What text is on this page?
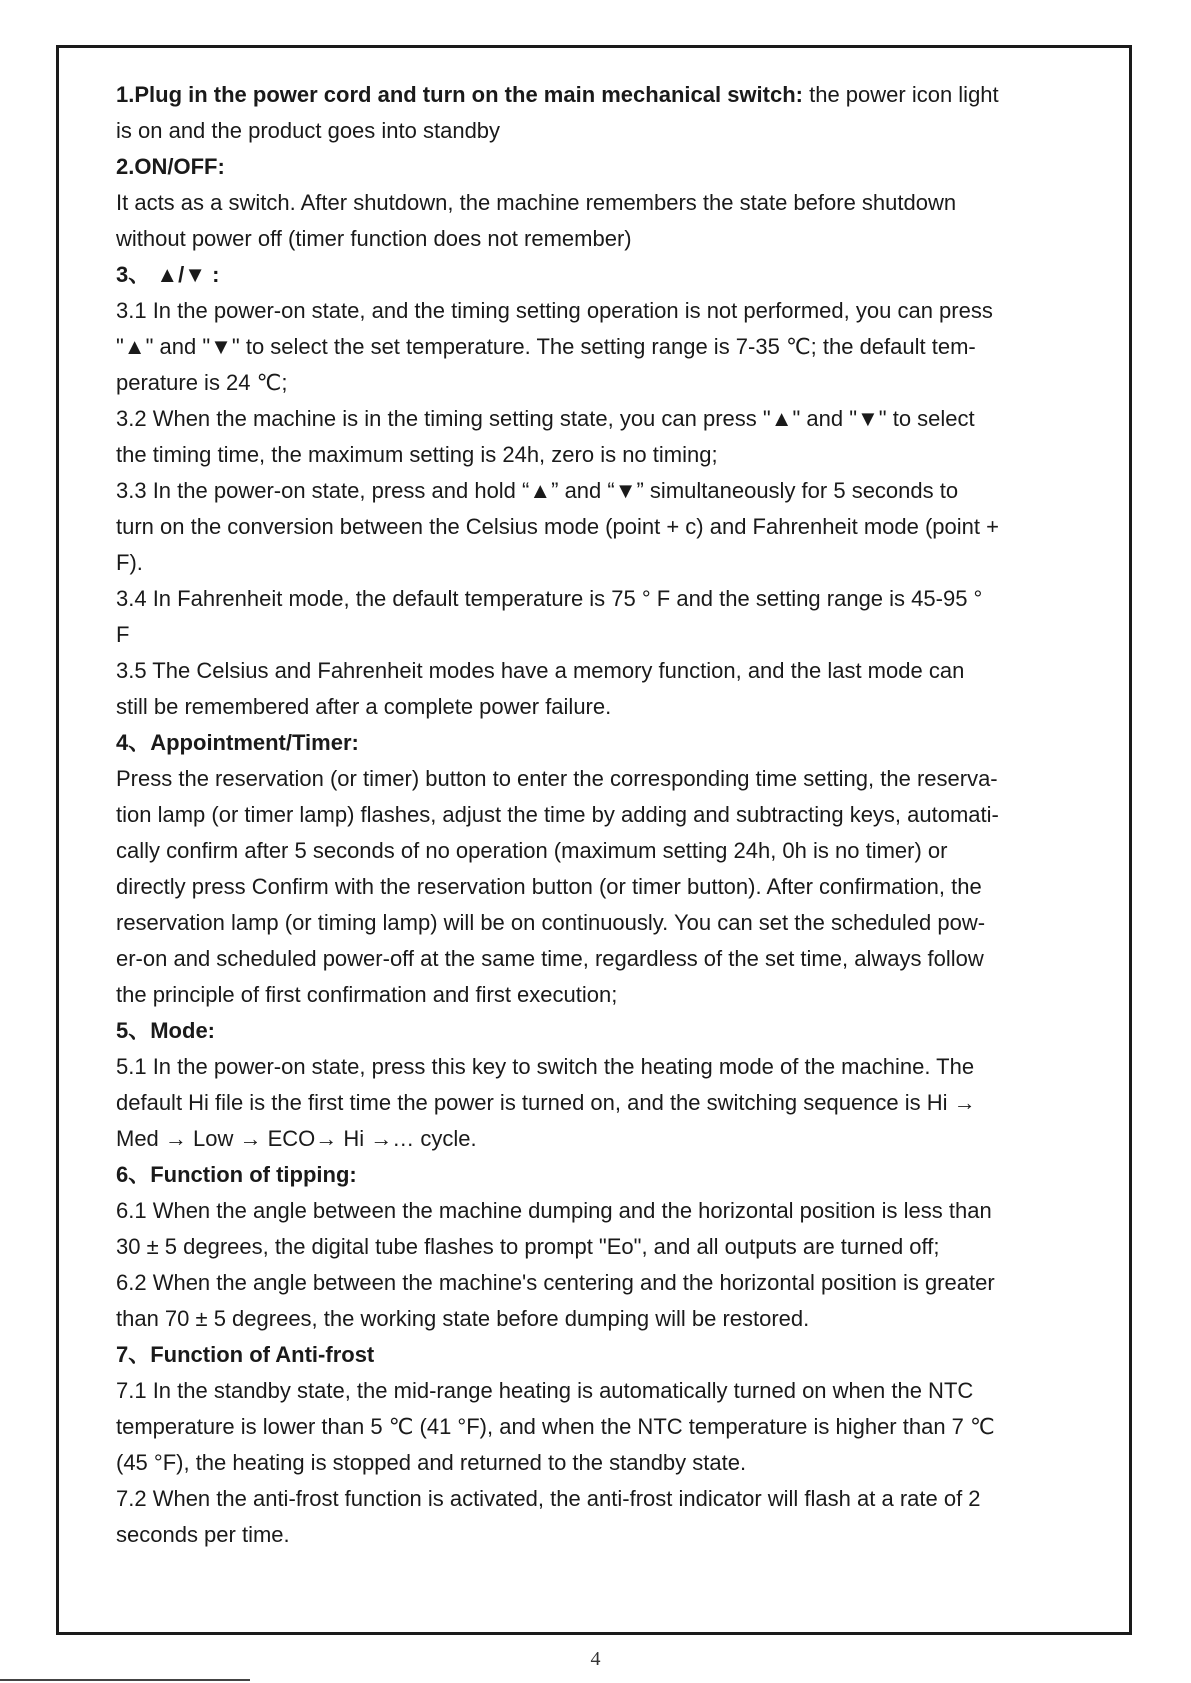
1.Plug in the power cord and turn on the main mechanical switch: the power icon light
is on and the product goes into standby
2.ON/OFF:
It acts as a switch. After shutdown, the machine remembers the state before shutdown
without power off (timer function does not remember)
3、 ▲/▼ :
3.1 In the power-on state, and the timing setting operation is not performed, you can press
"▲" and "▼" to select the set temperature. The setting range is 7-35 ℃; the default tem-
perature is 24 ℃;
3.2 When the machine is in the timing setting state, you can press "▲" and "▼" to select
the timing time, the maximum setting is 24h, zero is no timing;
3.3 In the power-on state, press and hold “▲” and “▼” simultaneously for 5 seconds to
turn on the conversion between the Celsius mode (point + c) and Fahrenheit mode (point +
F).
3.4 In Fahrenheit mode, the default temperature is 75 ° F and the setting range is 45-95 °
F
3.5 The Celsius and Fahrenheit modes have a memory function, and the last mode can
still be remembered after a complete power failure.
4、Appointment/Timer:
Press the reservation (or timer) button to enter the corresponding time setting, the reserva-
tion lamp (or timer lamp) flashes, adjust the time by adding and subtracting keys, automati-
cally confirm after 5 seconds of no operation (maximum setting 24h, 0h is no timer) or
directly press Confirm with the reservation button (or timer button). After confirmation, the
reservation lamp (or timing lamp) will be on continuously. You can set the scheduled pow-
er-on and scheduled power-off at the same time, regardless of the set time, always follow
the principle of first confirmation and first execution;
5、Mode:
5.1 In the power-on state, press this key to switch the heating mode of the machine. The
default Hi file is the first time the power is turned on, and the switching sequence is Hi →
Med → Low → ECO→ Hi →… cycle.
6、Function of tipping:
6.1 When the angle between the machine dumping and the horizontal position is less than
30 ± 5 degrees, the digital tube flashes to prompt "Eo", and all outputs are turned off;
6.2 When the angle between the machine's centering and the horizontal position is greater
than 70 ± 5 degrees, the working state before dumping will be restored.
7、Function of Anti-frost
7.1 In the standby state, the mid-range heating is automatically turned on when the NTC
temperature is lower than 5 ℃ (41 °F), and when the NTC temperature is higher than 7 ℃
(45 °F), the heating is stopped and returned to the standby state.
7.2 When the anti-frost function is activated, the anti-frost indicator will flash at a rate of 2
seconds per time.
4
